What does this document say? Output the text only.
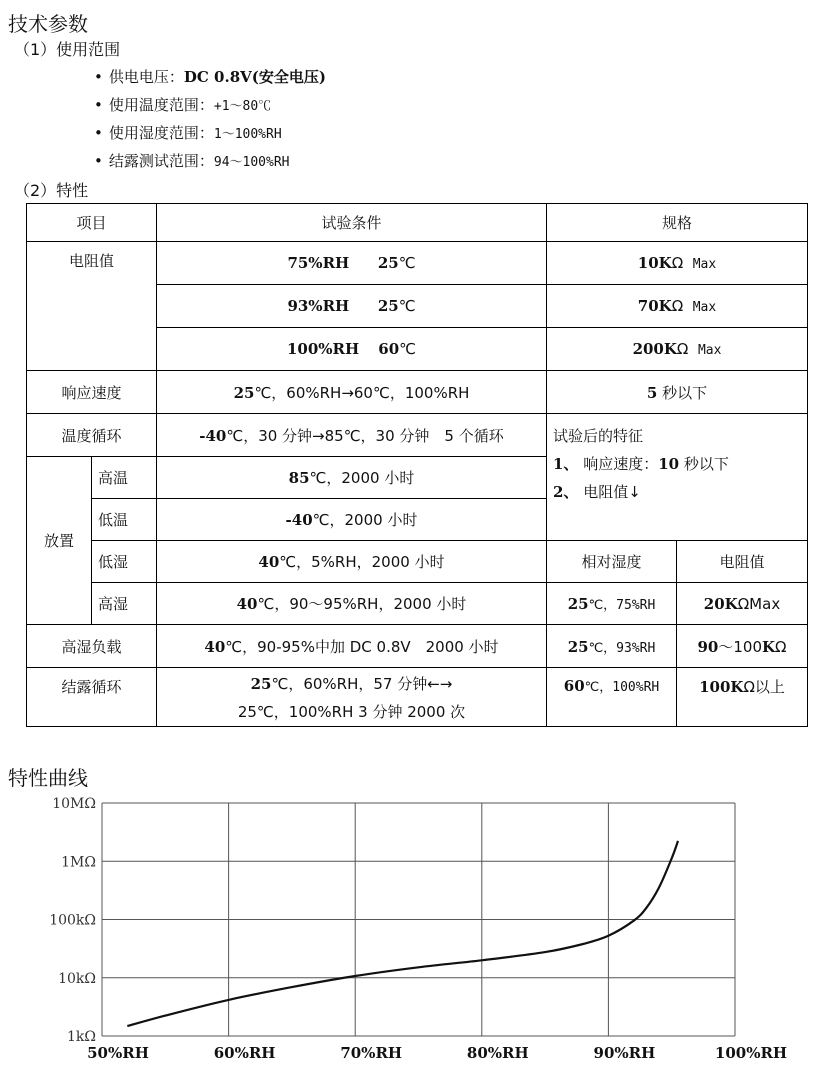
技术参数
（1）使用范围
• 供电电压：DC 0.8V(安全电压)
• 使用温度范围：+1～80℃
• 使用湿度范围：1～100%RH
• 结露测试范围：94～100%RH
（2）特性
项目		试验条件	规格	
电阻值		75%RH 25℃	10KΩ Max	
		93%RH 25℃	70KΩ Max	
		100%RH 60℃	200KΩ Max	
响应速度		25℃，60%RH→60℃，100%RH	5 秒以下	
温度循环		-40℃，30 分钟→85℃，30 分钟　5 个循环	试验后的特征
1、 响应速度：10 秒以下
2、 电阻值↓	

放置	高温	85℃，2000 小时		
	低温	-40℃，2000 小时		
	低湿	40℃，5%RH，2000 小时	相对湿度	电阻值
	高湿	40℃，90～95%RH，2000 小时	25℃，75%RH	20KΩMax
高湿负载		40℃，90-95%中加 DC 0.8V　2000 小时	25℃，93%RH	90～100KΩ
结露循环		25℃，60%RH，57 分钟←→
25℃，100%RH 3 分钟 2000 次	60℃，100%RH	100KΩ以上
特性曲线
1kΩ
10kΩ
100kΩ
1MΩ
10MΩ
50%RH	60%RH	70%RH	80%RH	90%RH	100%RH
